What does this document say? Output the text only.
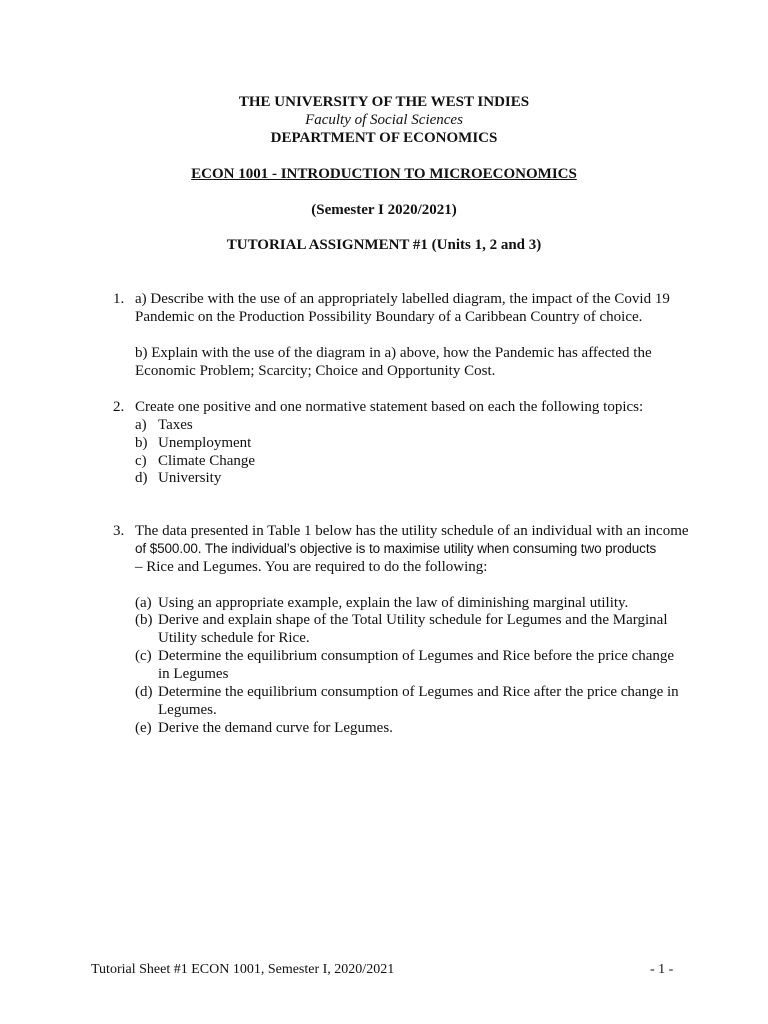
THE UNIVERSITY OF THE WEST INDIES
Faculty of Social Sciences
DEPARTMENT OF ECONOMICS
ECON 1001 - INTRODUCTION TO MICROECONOMICS
(Semester I 2020/2021)
TUTORIAL ASSIGNMENT #1 (Units 1, 2 and 3)
1. a) Describe with the use of an appropriately labelled diagram, the impact of the Covid 19
Pandemic on the Production Possibility Boundary of a Caribbean Country of choice.
b) Explain with the use of the diagram in a) above, how the Pandemic has affected the
Economic Problem; Scarcity; Choice and Opportunity Cost.
2. Create one positive and one normative statement based on each the following topics:
a) Taxes
b) Unemployment
c) Climate Change
d) University
3. The data presented in Table 1 below has the utility schedule of an individual with an income
of $500.00. The individual’s objective is to maximise utility when consuming two products
– Rice and Legumes. You are required to do the following:
(a) Using an appropriate example, explain the law of diminishing marginal utility.
(b) Derive and explain shape of the Total Utility schedule for Legumes and the Marginal
Utility schedule for Rice.
(c) Determine the equilibrium consumption of Legumes and Rice before the price change
in Legumes
(d) Determine the equilibrium consumption of Legumes and Rice after the price change in
Legumes.
(e) Derive the demand curve for Legumes.
Tutorial Sheet #1 ECON 1001, Semester I, 2020/2021	- 1 -
